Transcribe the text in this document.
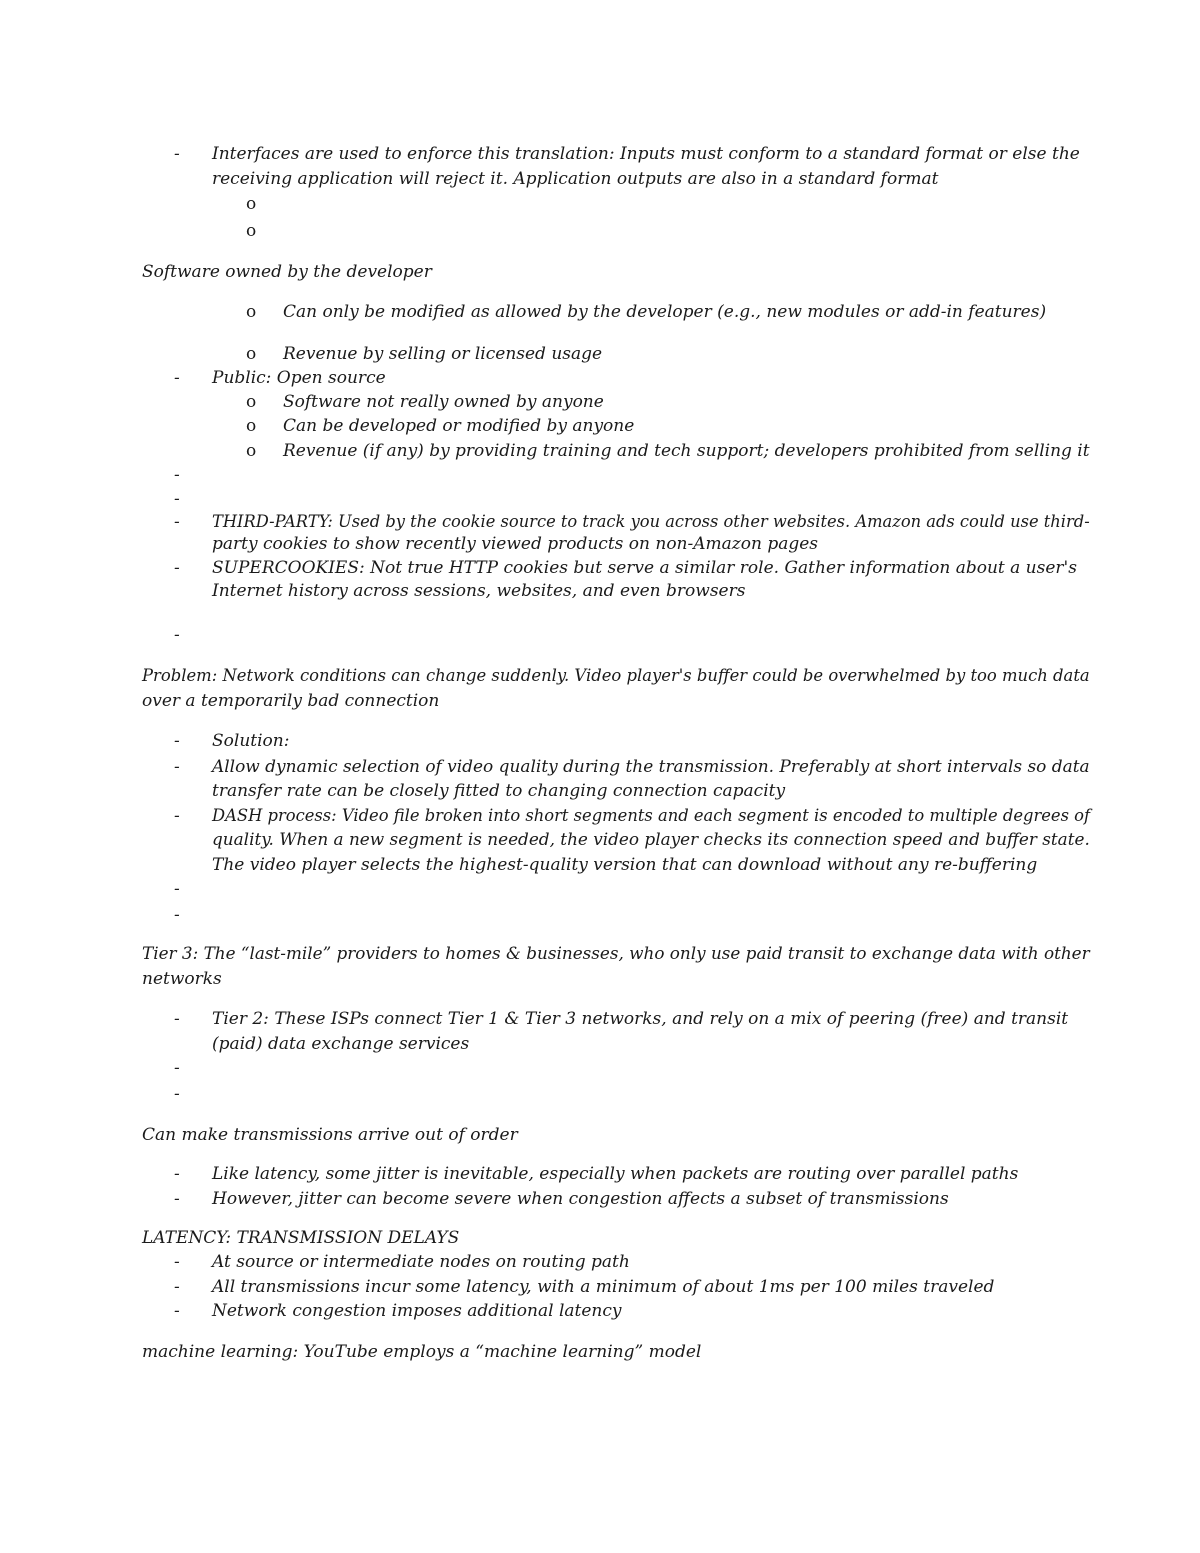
-	Interfaces are used to enforce this translation: Inputs must conform to a standard format or else the
receiving application will reject it. Application outputs are also in a standard format
o
o
Software owned by the developer
o Can only be modified as allowed by the developer (e.g., new modules or add-in features)
o Revenue by selling or licensed usage
-	Public: Open source
o Software not really owned by anyone
o Can be developed or modified by anyone
o Revenue (if any) by providing training and tech support; developers prohibited from selling it
-
-
-	THIRD-PARTY: Used by the cookie source to track you across other websites. Amazon ads could use third-
party cookies to show recently viewed products on non-Amazon pages
-	SUPERCOOKIES: Not true HTTP cookies but serve a similar role. Gather information about a user's
Internet history across sessions, websites, and even browsers
-
Problem: Network conditions can change suddenly. Video player's buffer could be overwhelmed by too much data
over a temporarily bad connection
-	Solution:
-	Allow dynamic selection of video quality during the transmission. Preferably at short intervals so data
transfer rate can be closely fitted to changing connection capacity
-	DASH process: Video file broken into short segments and each segment is encoded to multiple degrees of
quality. When a new segment is needed, the video player checks its connection speed and buffer state.
The video player selects the highest-quality version that can download without any re-buffering
-
-
Tier 3: The “last-mile” providers to homes & businesses, who only use paid transit to exchange data with other
networks
-	Tier 2: These ISPs connect Tier 1 & Tier 3 networks, and rely on a mix of peering (free) and transit
(paid) data exchange services
-
-
Can make transmissions arrive out of order
-	Like latency, some jitter is inevitable, especially when packets are routing over parallel paths
-	However, jitter can become severe when congestion affects a subset of transmissions
LATENCY: TRANSMISSION DELAYS
-	At source or intermediate nodes on routing path
-	All transmissions incur some latency, with a minimum of about 1ms per 100 miles traveled
-	Network congestion imposes additional latency
machine learning: YouTube employs a “machine learning” model
